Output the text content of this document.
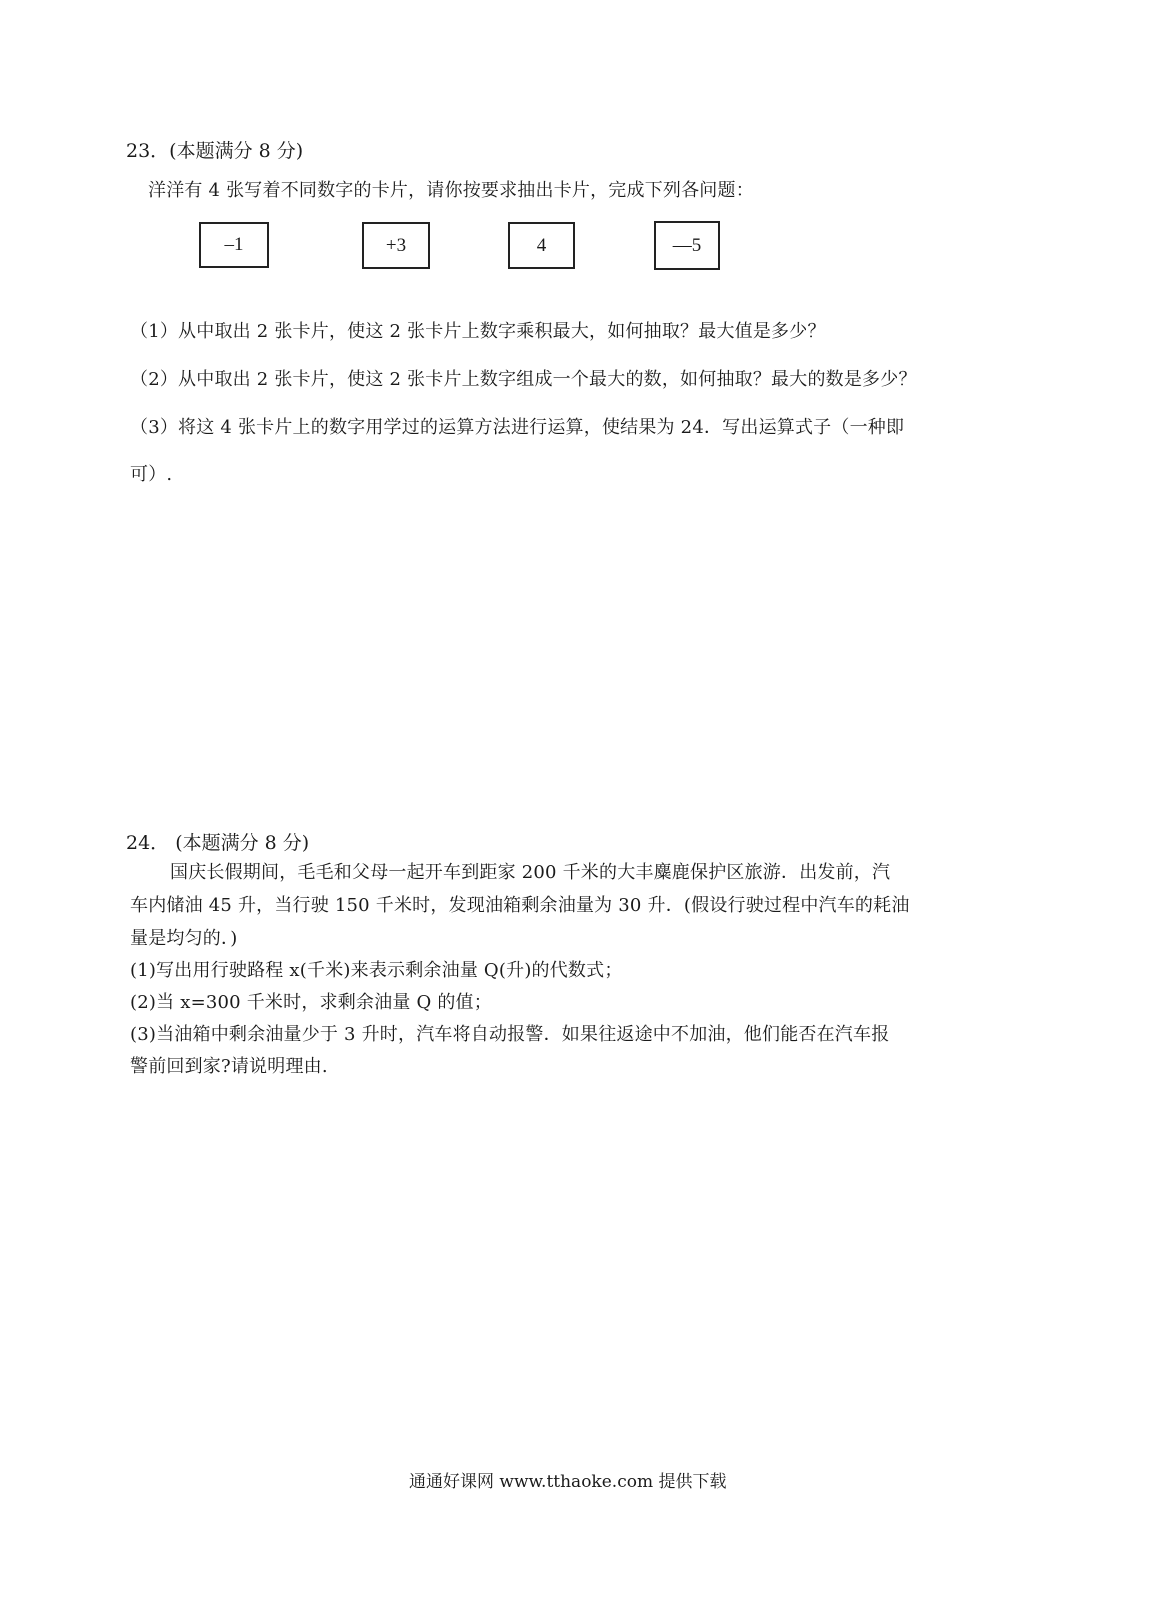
23．(本题满分 8 分)
洋洋有 4 张写着不同数字的卡片，请你按要求抽出卡片，完成下列各问题：
–1	+3	4	—5
（1）从中取出 2 张卡片，使这 2 张卡片上数字乘积最大，如何抽取？最大值是多少？
（2）从中取出 2 张卡片，使这 2 张卡片上数字组成一个最大的数，如何抽取？最大的数是多少？
（3）将这 4 张卡片上的数字用学过的运算方法进行运算，使结果为 24．写出运算式子（一种即
可）.
24． (本题满分 8 分)
国庆长假期间，毛毛和父母一起开车到距家 200 千米的大丰麋鹿保护区旅游．出发前，汽
车内储油 45 升，当行驶 150 千米时，发现油箱剩余油量为 30 升．(假设行驶过程中汽车的耗油
量是均匀的．)
(1)写出用行驶路程 x(千米)来表示剩余油量 Q(升)的代数式；
(2)当 x=300 千米时，求剩余油量 Q 的值；
(3)当油箱中剩余油量少于 3 升时，汽车将自动报警．如果往返途中不加油，他们能否在汽车报
警前回到家?请说明理由.
通通好课网 www.tthaoke.com 提供下载
